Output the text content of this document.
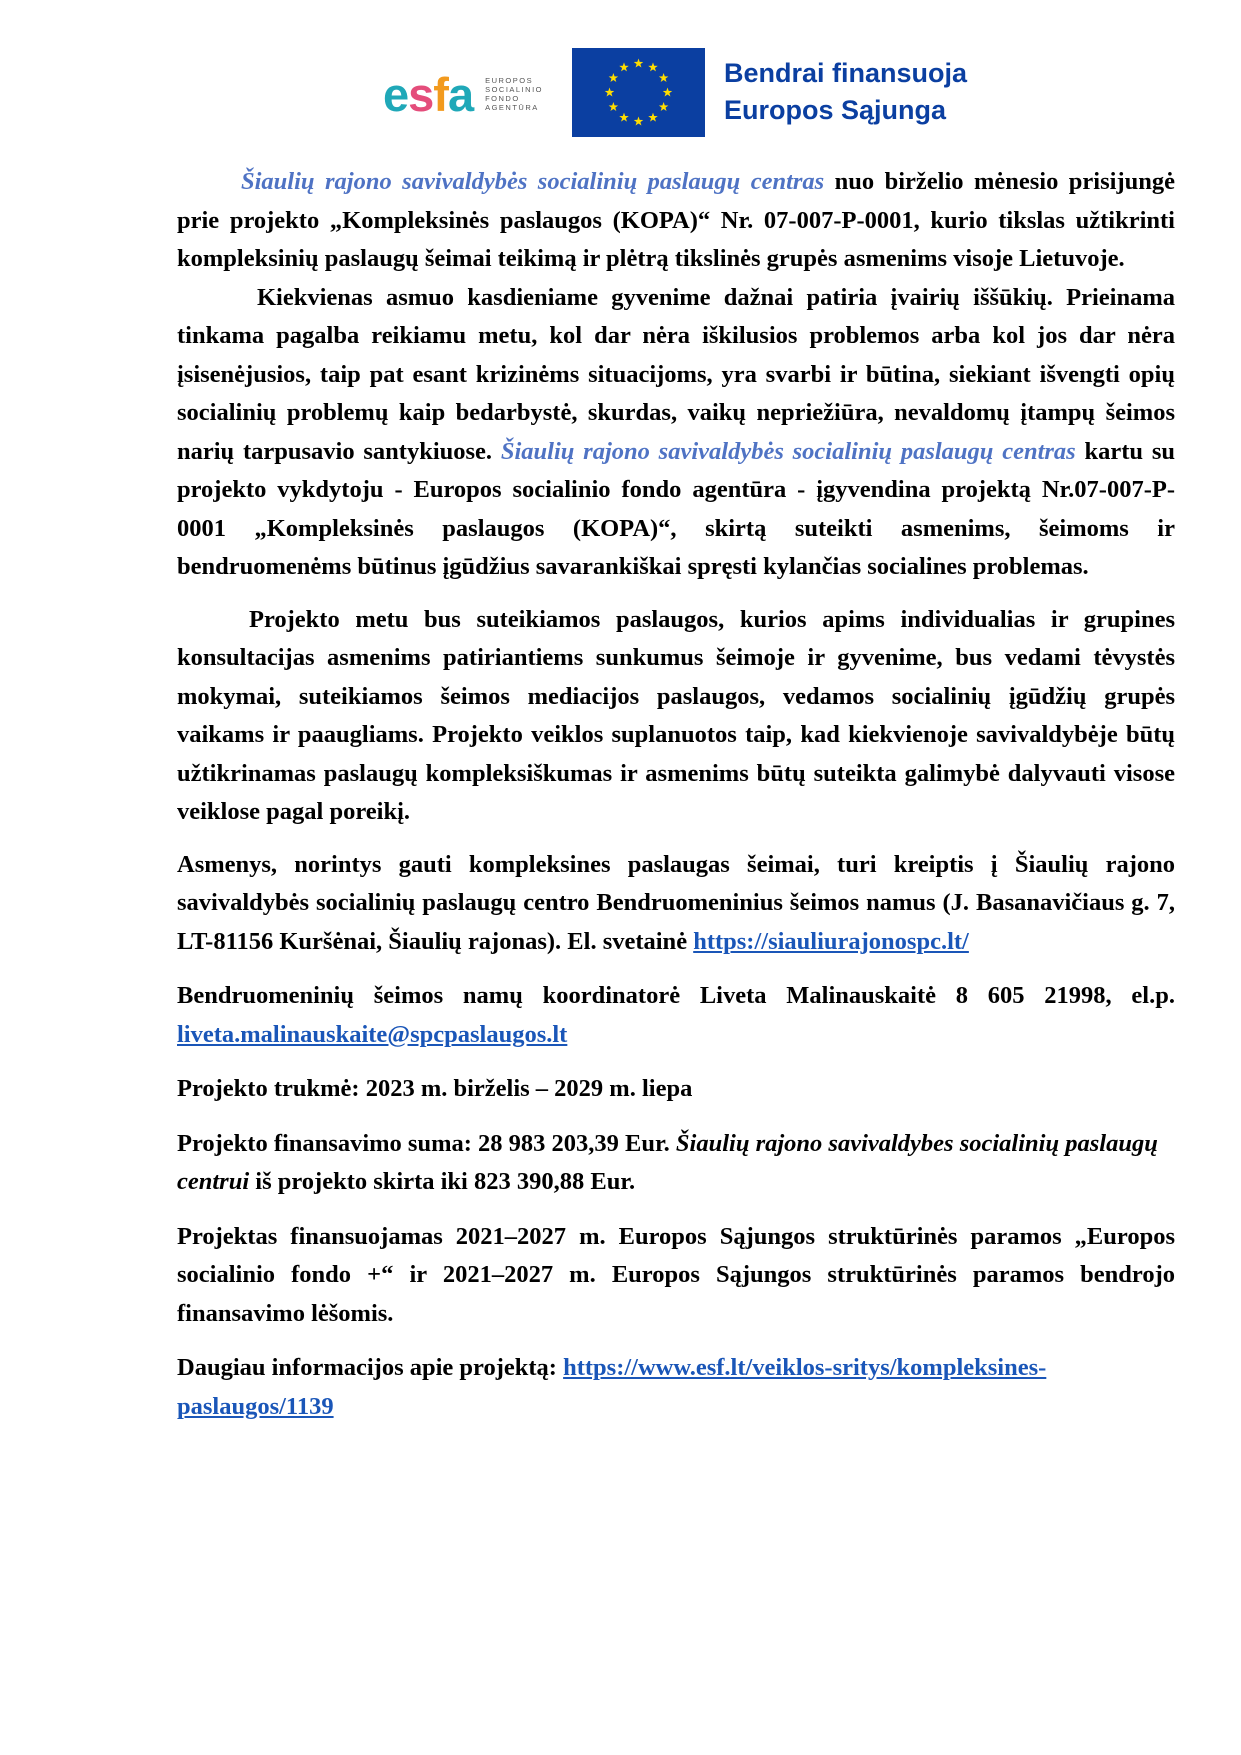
esfa EUROPOS
SOCIALINIO
FONDO
AGENTŪRA
Bendrai finansuoja
Europos Sąjunga

Šiaulių rajono savivaldybės socialinių paslaugų centras nuo birželio mėnesio prisijungė prie projekto „Kompleksinės paslaugos (KOPA)“ Nr. 07-007-P-0001, kurio tikslas užtikrinti kompleksinių paslaugų šeimai teikimą ir plėtrą tikslinės grupės asmenims visoje Lietuvoje.

Kiekvienas asmuo kasdieniame gyvenime dažnai patiria įvairių iššūkių. Prieinama tinkama pagalba reikiamu metu, kol dar nėra iškilusios problemos arba kol jos dar nėra įsisenėjusios, taip pat esant krizinėms situacijoms, yra svarbi ir būtina, siekiant išvengti opių socialinių problemų kaip bedarbystė, skurdas, vaikų nepriežiūra, nevaldomų įtampų šeimos narių tarpusavio santykiuose. Šiaulių rajono savivaldybės socialinių paslaugų centras kartu su projekto vykdytoju - Europos socialinio fondo agentūra - įgyvendina projektą Nr.07-007-P-0001 „Kompleksinės paslaugos (KOPA)“, skirtą suteikti asmenims, šeimoms ir bendruomenėms būtinus įgūdžius savarankiškai spręsti kylančias socialines problemas.

Projekto metu bus suteikiamos paslaugos, kurios apims individualias ir grupines konsultacijas asmenims patiriantiems sunkumus šeimoje ir gyvenime, bus vedami tėvystės mokymai, suteikiamos šeimos mediacijos paslaugos, vedamos socialinių įgūdžių grupės vaikams ir paaugliams. Projekto veiklos suplanuotos taip, kad kiekvienoje savivaldybėje būtų užtikrinamas paslaugų kompleksiškumas ir asmenims būtų suteikta galimybė dalyvauti visose veiklose pagal poreikį.

Asmenys, norintys gauti kompleksines paslaugas šeimai, turi kreiptis į Šiaulių rajono savivaldybės socialinių paslaugų centro Bendruomeninius šeimos namus (J. Basanavičiaus g. 7, LT-81156 Kuršėnai, Šiaulių rajonas). El. svetainė https://siauliurajonospc.lt/

Bendruomeninių šeimos namų koordinatorė Liveta Malinauskaitė 8 605 21998, el.p. liveta.malinauskaite@spcpaslaugos.lt

Projekto trukmė: 2023 m. birželis – 2029 m. liepa

Projekto finansavimo suma: 28 983 203,39 Eur. Šiaulių rajono savivaldybes socialinių paslaugų centrui iš projekto skirta iki 823 390,88 Eur.

Projektas finansuojamas 2021–2027 m. Europos Sąjungos struktūrinės paramos „Europos socialinio fondo +“ ir 2021–2027 m. Europos Sąjungos struktūrinės paramos bendrojo finansavimo lėšomis.

Daugiau informacijos apie projektą: https://www.esf.lt/veiklos-sritys/kompleksines-paslaugos/1139
